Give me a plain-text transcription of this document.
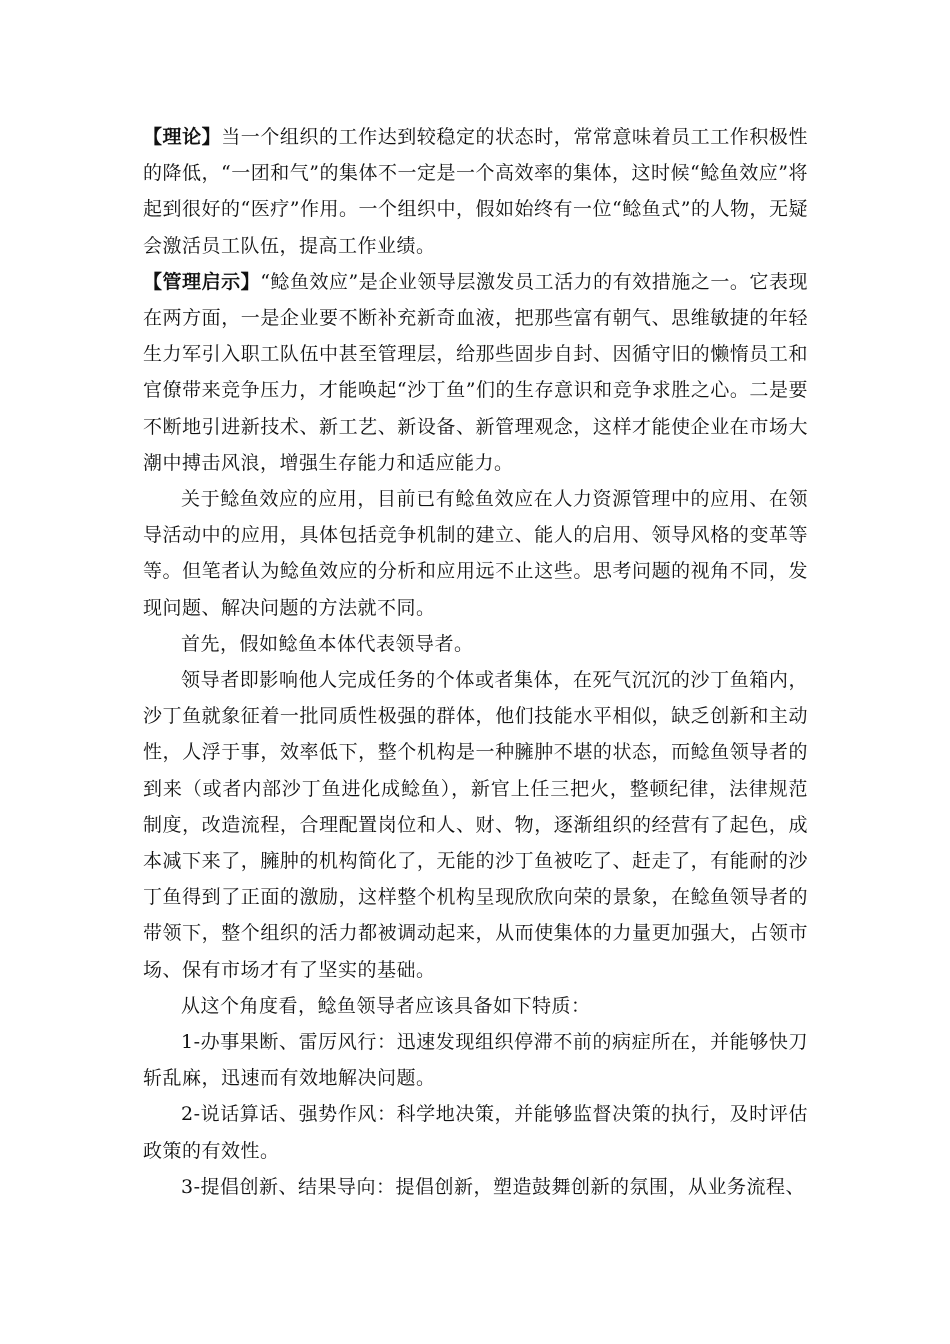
【理论】当一个组织的工作达到较稳定的状态时，常常意味着员工工作积极性的降低，“一团和气”的集体不一定是一个高效率的集体，这时候“鲶鱼效应”将起到很好的“医疗”作用。一个组织中，假如始终有一位“鲶鱼式”的人物，无疑会激活员工队伍，提高工作业绩。

【管理启示】“鲶鱼效应”是企业领导层激发员工活力的有效措施之一。它表现在两方面，一是企业要不断补充新奇血液，把那些富有朝气、思维敏捷的年轻生力军引入职工队伍中甚至管理层，给那些固步自封、因循守旧的懒惰员工和官僚带来竞争压力，才能唤起“沙丁鱼”们的生存意识和竞争求胜之心。二是要不断地引进新技术、新工艺、新设备、新管理观念，这样才能使企业在市场大潮中搏击风浪，增强生存能力和适应能力。

关于鲶鱼效应的应用，目前已有鲶鱼效应在人力资源管理中的应用、在领导活动中的应用，具体包括竞争机制的建立、能人的启用、领导风格的变革等等。但笔者认为鲶鱼效应的分析和应用远不止这些。思考问题的视角不同，发现问题、解决问题的方法就不同。

首先，假如鲶鱼本体代表领导者。

领导者即影响他人完成任务的个体或者集体，在死气沉沉的沙丁鱼箱内，沙丁鱼就象征着一批同质性极强的群体，他们技能水平相似，缺乏创新和主动性，人浮于事，效率低下，整个机构是一种臃肿不堪的状态，而鲶鱼领导者的到来（或者内部沙丁鱼进化成鲶鱼），新官上任三把火，整顿纪律，法律规范制度，改造流程，合理配置岗位和人、财、物，逐渐组织的经营有了起色，成本减下来了，臃肿的机构简化了，无能的沙丁鱼被吃了、赶走了，有能耐的沙丁鱼得到了正面的激励，这样整个机构呈现欣欣向荣的景象，在鲶鱼领导者的带领下，整个组织的活力都被调动起来，从而使集体的力量更加强大，占领市场、保有市场才有了坚实的基础。

从这个角度看，鲶鱼领导者应该具备如下特质：

1-办事果断、雷厉风行：迅速发现组织停滞不前的病症所在，并能够快刀斩乱麻，迅速而有效地解决问题。

2-说话算话、强势作风：科学地决策，并能够监督决策的执行，及时评估政策的有效性。

3-提倡创新、结果导向：提倡创新，塑造鼓舞创新的氛围，从业务流程、
